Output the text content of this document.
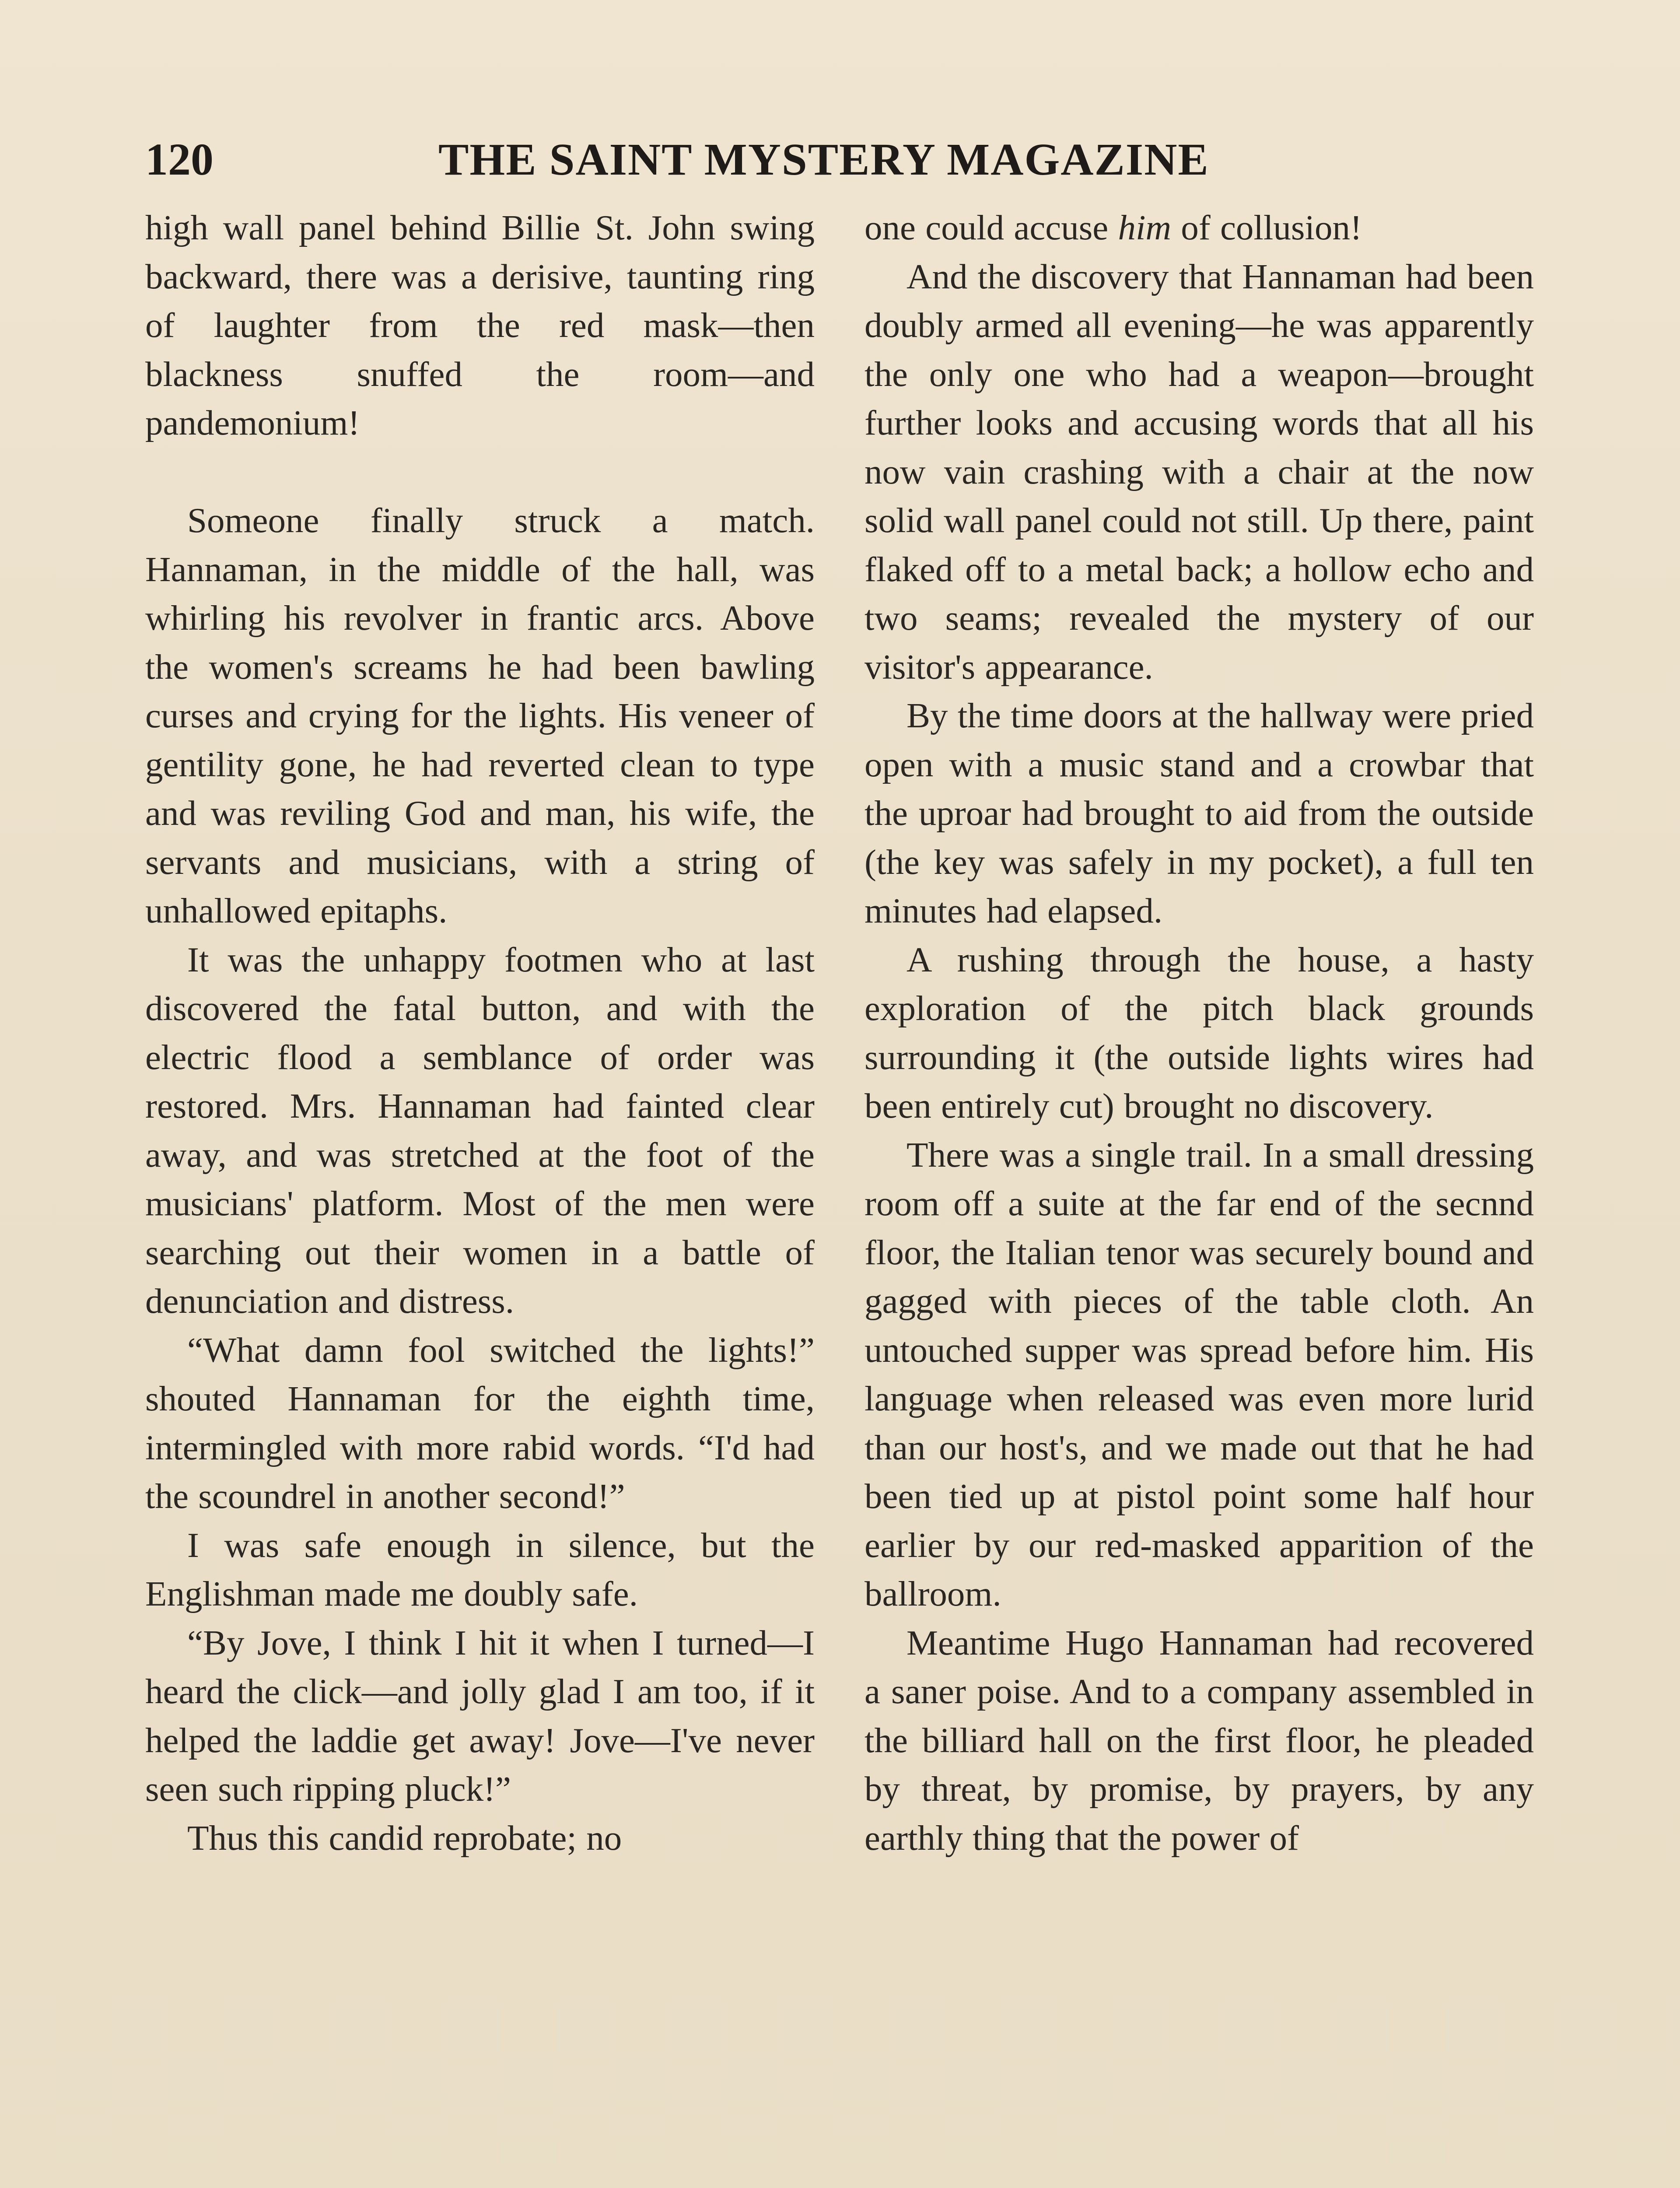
120	THE SAINT MYSTERY MAGAZINE

high wall panel behind Billie St. John swing backward, there was a derisive, taunting ring of laughter from the red mask—then blackness snuffed the room—and pandemonium!

Someone finally struck a match. Hannaman, in the middle of the hall, was whirling his revolver in frantic arcs. Above the women's screams he had been bawling curses and crying for the lights. His veneer of gentility gone, he had reverted clean to type and was reviling God and man, his wife, the servants and musicians, with a string of unhallowed epitaphs.

It was the unhappy footmen who at last discovered the fatal button, and with the electric flood a semblance of order was restored. Mrs. Hannaman had fainted clear away, and was stretched at the foot of the musicians' platform. Most of the men were searching out their women in a battle of denunciation and distress.

“What damn fool switched the lights!” shouted Hannaman for the eighth time, intermingled with more rabid words. “I'd had the scoundrel in another second!”

I was safe enough in silence, but the Englishman made me doubly safe.

“By Jove, I think I hit it when I turned—I heard the click—and jolly glad I am too, if it helped the laddie get away! Jove—I've never seen such ripping pluck!”

Thus this candid reprobate; no

one could accuse him of collusion!

And the discovery that Hannaman had been doubly armed all evening—he was apparently the only one who had a weapon—brought further looks and accusing words that all his now vain crashing with a chair at the now solid wall panel could not still. Up there, paint flaked off to a metal back; a hollow echo and two seams; revealed the mystery of our visitor's appearance.

By the time doors at the hallway were pried open with a music stand and a crowbar that the uproar had brought to aid from the outside (the key was safely in my pocket), a full ten minutes had elapsed.

A rushing through the house, a hasty exploration of the pitch black grounds surrounding it (the outside lights wires had been entirely cut) brought no discovery.

There was a single trail. In a small dressing room off a suite at the far end of the secnnd floor, the Italian tenor was securely bound and gagged with pieces of the table cloth. An untouched supper was spread before him. His language when released was even more lurid than our host's, and we made out that he had been tied up at pistol point some half hour earlier by our red-masked apparition of the ballroom.

Meantime Hugo Hannaman had recovered a saner poise. And to a company assembled in the billiard hall on the first floor, he pleaded by threat, by promise, by prayers, by any earthly thing that the power of
